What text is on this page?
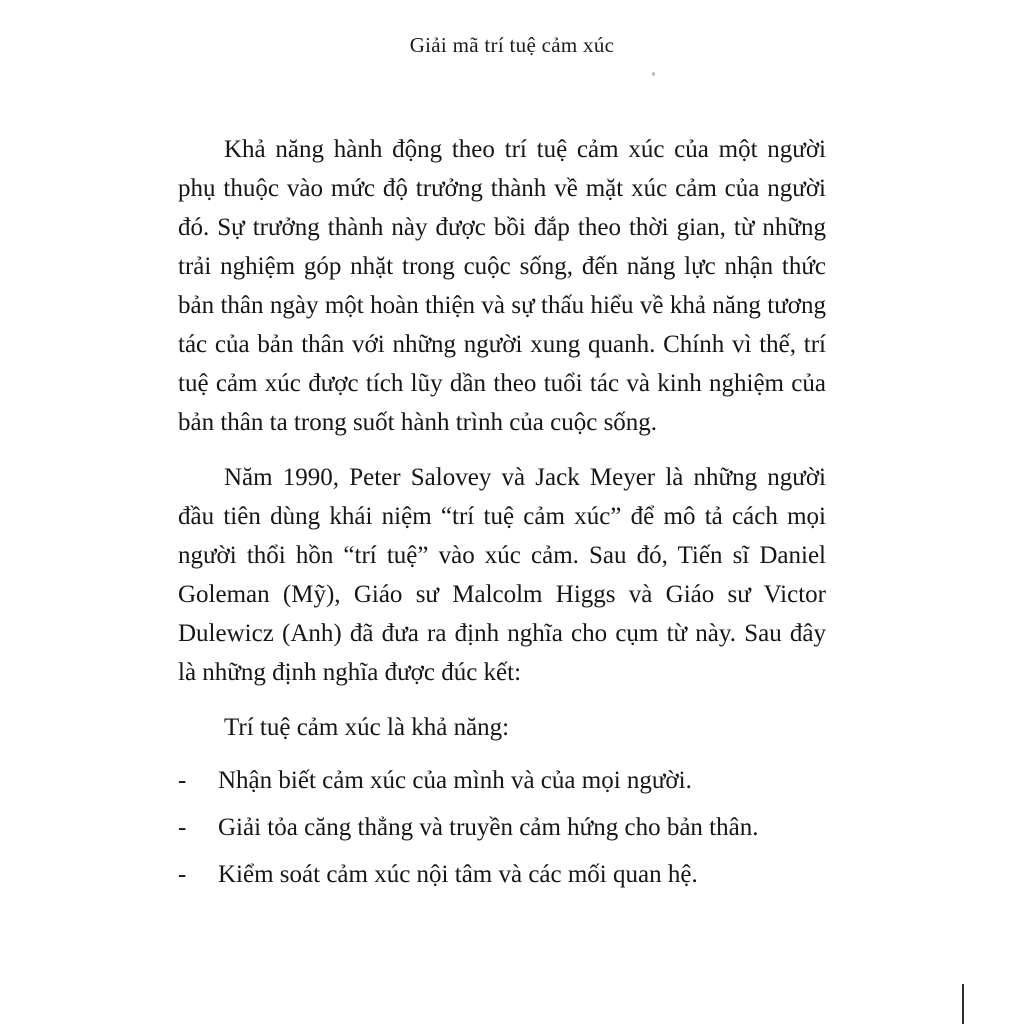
Giải mã trí tuệ cảm xúc

Khả năng hành động theo trí tuệ cảm xúc của một người phụ thuộc vào mức độ trưởng thành về mặt xúc cảm của người đó. Sự trưởng thành này được bồi đắp theo thời gian, từ những trải nghiệm góp nhặt trong cuộc sống, đến năng lực nhận thức bản thân ngày một hoàn thiện và sự thấu hiểu về khả năng tương tác của bản thân với những người xung quanh. Chính vì thế, trí tuệ cảm xúc được tích lũy dần theo tuổi tác và kinh nghiệm của bản thân ta trong suốt hành trình của cuộc sống.

Năm 1990, Peter Salovey và Jack Meyer là những người đầu tiên dùng khái niệm “trí tuệ cảm xúc” để mô tả cách mọi người thổi hồn “trí tuệ” vào xúc cảm. Sau đó, Tiến sĩ Daniel Goleman (Mỹ), Giáo sư Malcolm Higgs và Giáo sư Victor Dulewicz (Anh) đã đưa ra định nghĩa cho cụm từ này. Sau đây là những định nghĩa được đúc kết:

Trí tuệ cảm xúc là khả năng:

-	Nhận biết cảm xúc của mình và của mọi người.
-	Giải tỏa căng thẳng và truyền cảm hứng cho bản thân.
-	Kiểm soát cảm xúc nội tâm và các mối quan hệ.
